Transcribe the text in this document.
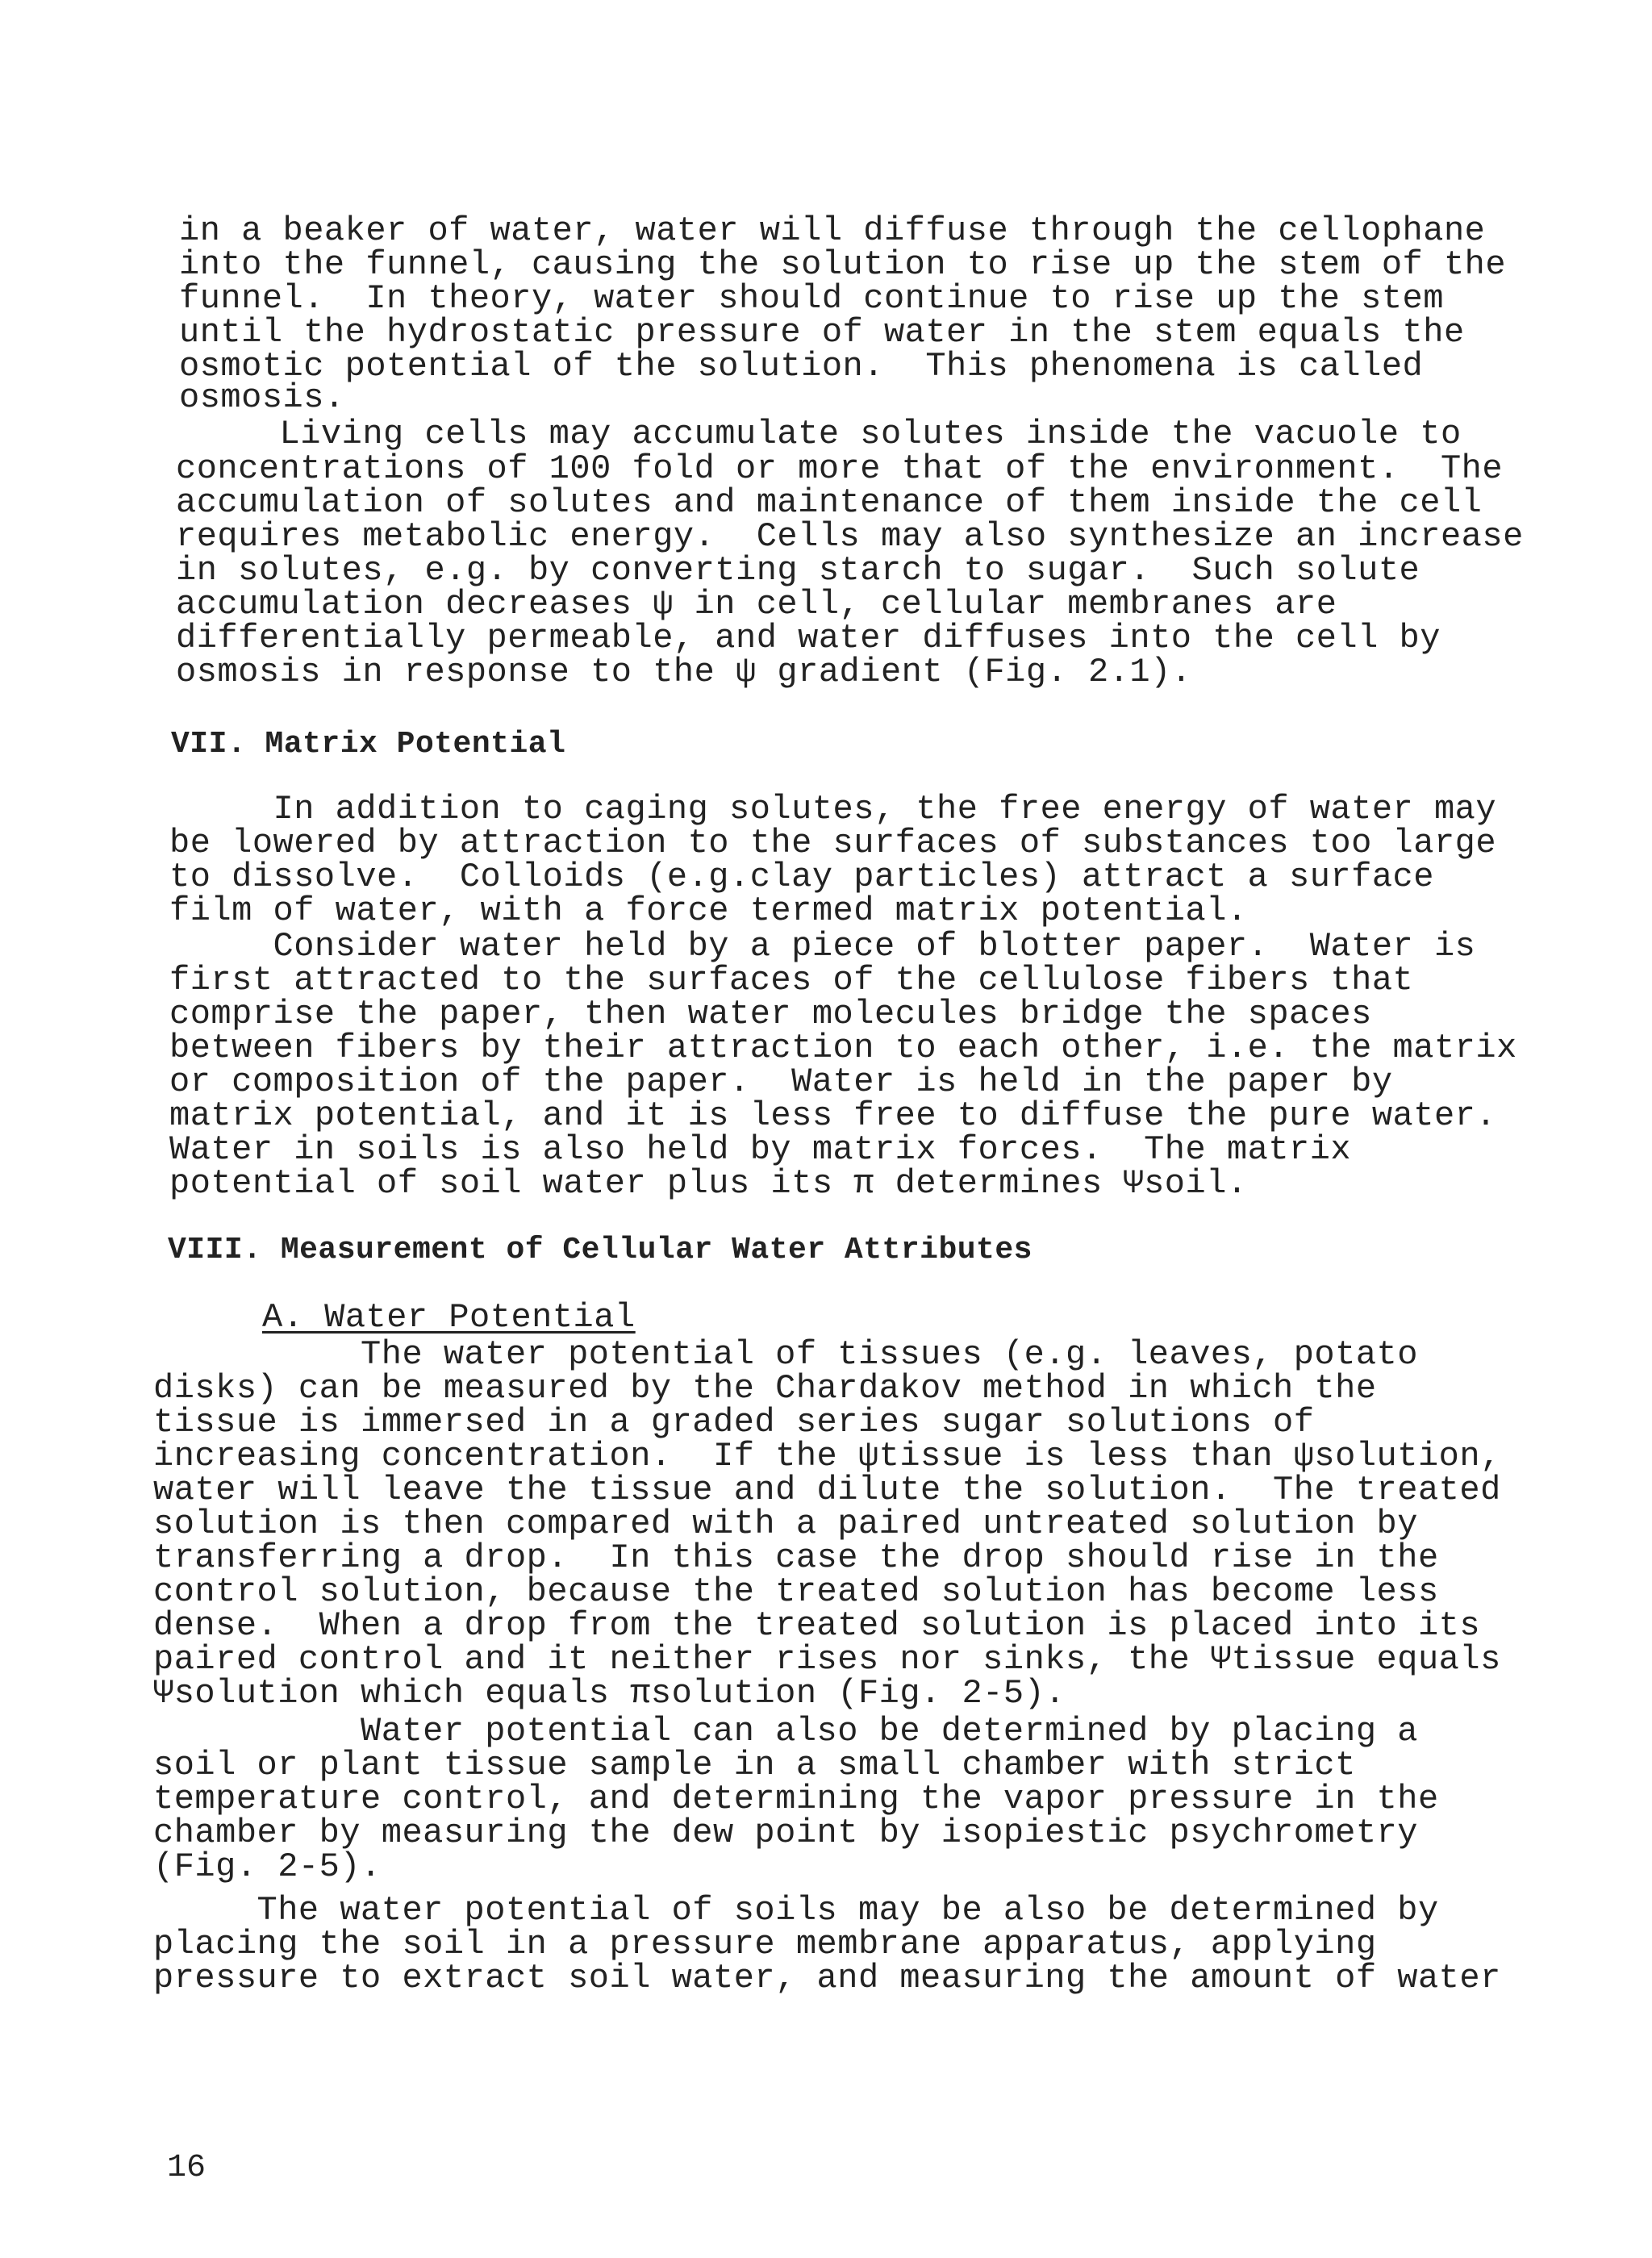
in a beaker of water, water will diffuse through the cellophane
into the funnel, causing the solution to rise up the stem of the
funnel.  In theory, water should continue to rise up the stem
until the hydrostatic pressure of water in the stem equals the
osmotic potential of the solution.  This phenomena is called
osmosis.
Living cells may accumulate solutes inside the vacuole to
concentrations of 100 fold or more that of the environment.  The
accumulation of solutes and maintenance of them inside the cell
requires metabolic energy.  Cells may also synthesize an increase
in solutes, e.g. by converting starch to sugar.  Such solute
accumulation decreases ψ in cell, cellular membranes are
differentially permeable, and water diffuses into the cell by
osmosis in response to the ψ gradient (Fig. 2.1).
VII. Matrix Potential
In addition to caging solutes, the free energy of water may
be lowered by attraction to the surfaces of substances too large
to dissolve.  Colloids (e.g.clay particles) attract a surface
film of water, with a force termed matrix potential.
Consider water held by a piece of blotter paper.  Water is
first attracted to the surfaces of the cellulose fibers that
comprise the paper, then water molecules bridge the spaces
between fibers by their attraction to each other, i.e. the matrix
or composition of the paper.  Water is held in the paper by
matrix potential, and it is less free to diffuse the pure water.
Water in soils is also held by matrix forces.  The matrix
potential of soil water plus its π determines Ψsoil.
VIII. Measurement of Cellular Water Attributes
A. Water Potential
The water potential of tissues (e.g. leaves, potato
disks) can be measured by the Chardakov method in which the
tissue is immersed in a graded series sugar solutions of
increasing concentration.  If the ψtissue is less than ψsolution,
water will leave the tissue and dilute the solution.  The treated
solution is then compared with a paired untreated solution by
transferring a drop.  In this case the drop should rise in the
control solution, because the treated solution has become less
dense.  When a drop from the treated solution is placed into its
paired control and it neither rises nor sinks, the Ψtissue equals
Ψsolution which equals πsolution (Fig. 2-5).
Water potential can also be determined by placing a
soil or plant tissue sample in a small chamber with strict
temperature control, and determining the vapor pressure in the
chamber by measuring the dew point by isopiestic psychrometry
(Fig. 2-5).
The water potential of soils may be also be determined by
placing the soil in a pressure membrane apparatus, applying
pressure to extract soil water, and measuring the amount of water
16
